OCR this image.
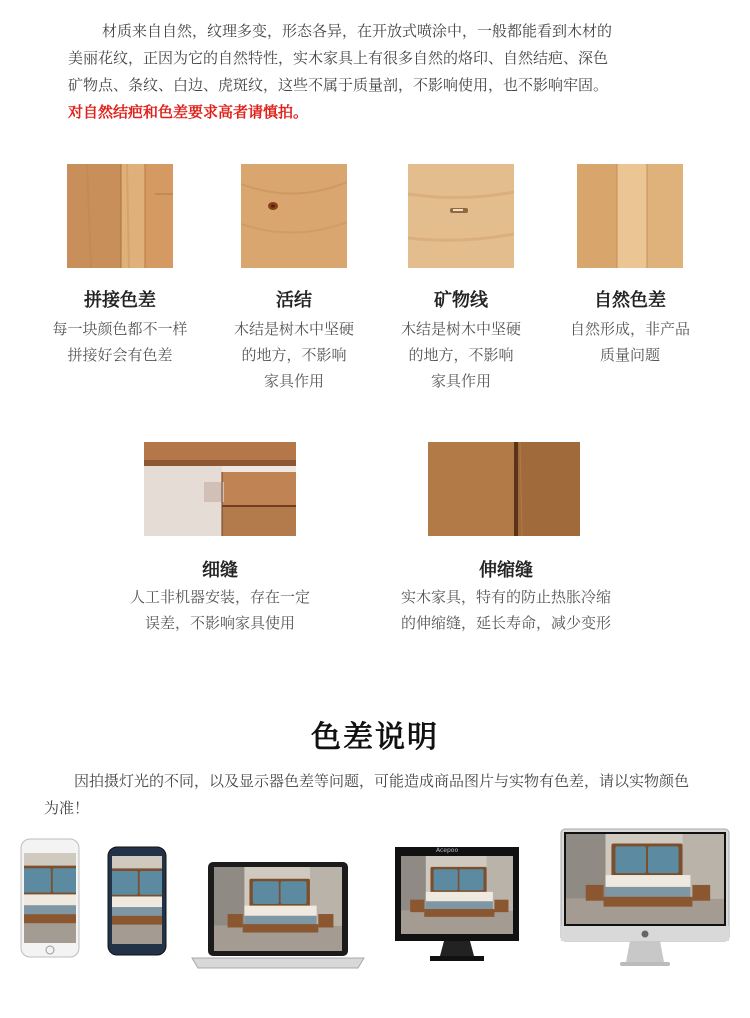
材质来自自然，纹理多变，形态各异，在开放式喷涂中，一般都能看到木材的

美丽花纹，正因为它的自然特性，实木家具上有很多自然的烙印、自然结疤、深色

矿物点、条纹、白边、虎斑纹，这些不属于质量剖，不影响使用，也不影响牢固。

对自然结疤和色差要求高者请慎拍。

拼接色差
每一块颜色都不一样
拼接好会有色差
活结
木结是树木中坚硬
的地方，不影响
家具作用
矿物线
木结是树木中坚硬
的地方，不影响
家具作用
自然色差
自然形成，非产品
质量问题
细缝
人工非机器安装，存在一定
误差，不影响家具使用
伸缩缝
实木家具，特有的防止热胀冷缩
的伸缩缝，延长寿命，减少变形
色差说明
因拍摄灯光的不同，以及显示器色差等问题，可能造成商品图片与实物有色差，请以实物颜色
为准！
Acepoo
